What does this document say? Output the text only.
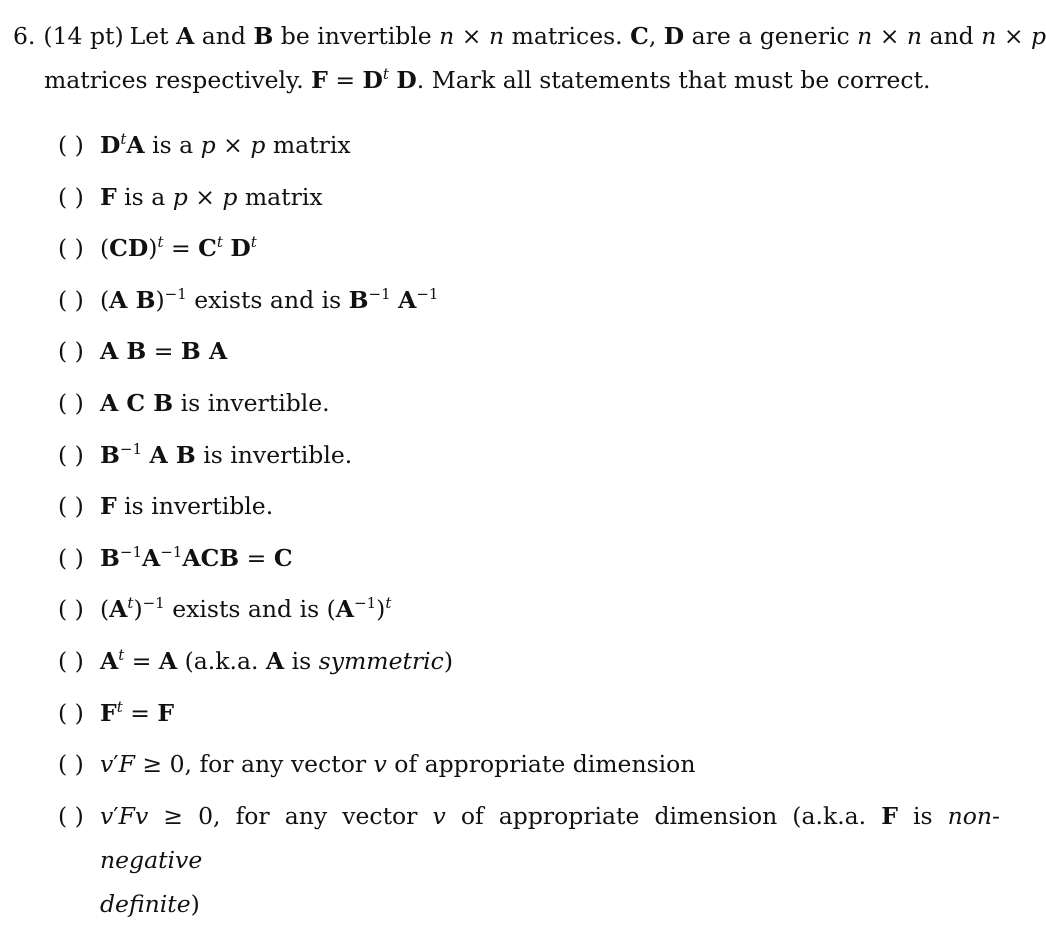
6. (14 pt) Let A and B be invertible n × n matrices. C, D are a generic n × n and n × p
matrices respectively. $F = D^t$ D. Mark all statements that must be correct.
( ) $D^tA$ is a p × p matrix
( ) F is a p × p matrix
( ) $(CD)^t = C^t$ $D^t$
( ) (A B)$^{-1}$ exists and is $B^{-1}$ $A^{-1}$
( ) A B = B A
( ) A C B is invertible.
( ) $B^{-1}$ A B is invertible.
( ) F is invertible.
( ) $B^{-1}A^{-1}ACB = C$
( ) $(A^t)^{-1}$ exists and is $(A^{-1})^t$
( ) $A^t = A$ (a.k.a. A is symmetric)
( ) $F^t = F$
( ) v′F ≥ 0, for any vector v of appropriate dimension
( ) v′Fv ≥ 0, for any vector v of appropriate dimension (a.k.a. F is non-negative
definite)
